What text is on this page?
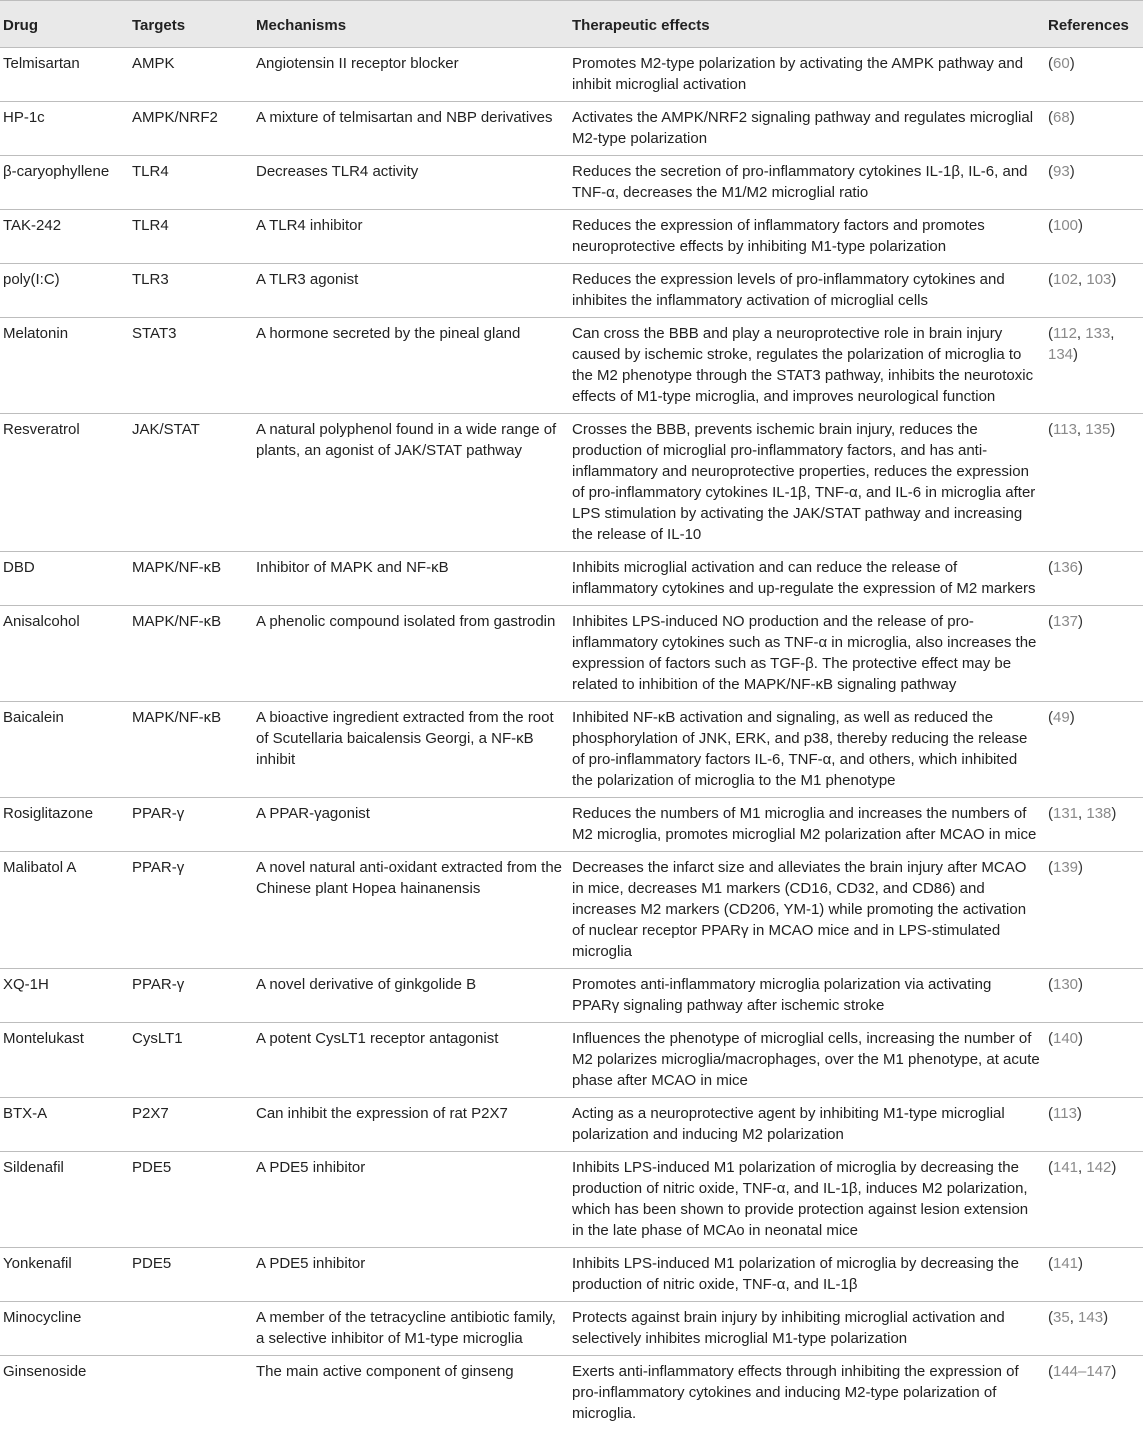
Drug	Targets	Mechanisms	Therapeutic effects	References
Telmisartan	AMPK	Angiotensin II receptor blocker	Promotes M2-type polarization by activating the AMPK pathway and inhibit microglial activation	(60)
HP-1c	AMPK/NRF2	A mixture of telmisartan and NBP derivatives	Activates the AMPK/NRF2 signaling pathway and regulates microglial M2-type polarization	(68)
β-caryophyllene	TLR4	Decreases TLR4 activity	Reduces the secretion of pro-inflammatory cytokines IL-1β, IL-6, and TNF-α, decreases the M1/M2 microglial ratio	(93)
TAK-242	TLR4	A TLR4 inhibitor	Reduces the expression of inflammatory factors and promotes neuroprotective effects by inhibiting M1-type polarization	(100)
poly(I:C)	TLR3	A TLR3 agonist	Reduces the expression levels of pro-inflammatory cytokines and inhibites the inflammatory activation of microglial cells	(102, 103)
Melatonin	STAT3	A hormone secreted by the pineal gland	Can cross the BBB and play a neuroprotective role in brain injury caused by ischemic stroke, regulates the polarization of microglia to the M2 phenotype through the STAT3 pathway, inhibits the neurotoxic effects of M1-type microglia, and improves neurological function	(112, 133, 134)
Resveratrol	JAK/STAT	A natural polyphenol found in a wide range of plants, an agonist of JAK/STAT pathway	Crosses the BBB, prevents ischemic brain injury, reduces the production of microglial pro-inflammatory factors, and has anti-inflammatory and neuroprotective properties, reduces the expression of pro-inflammatory cytokines IL-1β, TNF-α, and IL-6 in microglia after LPS stimulation by activating the JAK/STAT pathway and increasing the release of IL-10	(113, 135)
DBD	MAPK/NF-κB	Inhibitor of MAPK and NF-κB	Inhibits microglial activation and can reduce the release of inflammatory cytokines and up-regulate the expression of M2 markers	(136)
Anisalcohol	MAPK/NF-κB	A phenolic compound isolated from gastrodin	Inhibites LPS-induced NO production and the release of pro-inflammatory cytokines such as TNF-α in microglia, also increases the expression of factors such as TGF-β. The protective effect may be related to inhibition of the MAPK/NF-κB signaling pathway	(137)
Baicalein	MAPK/NF-κB	A bioactive ingredient extracted from the root of Scutellaria baicalensis Georgi, a NF-κB inhibit	Inhibited NF-κB activation and signaling, as well as reduced the phosphorylation of JNK, ERK, and p38, thereby reducing the release of pro-inflammatory factors IL-6, TNF-α, and others, which inhibited the polarization of microglia to the M1 phenotype	(49)
Rosiglitazone	PPAR-γ	A PPAR-γagonist	Reduces the numbers of M1 microglia and increases the numbers of M2 microglia, promotes microglial M2 polarization after MCAO in mice	(131, 138)
Malibatol A	PPAR-γ	A novel natural anti-oxidant extracted from the Chinese plant Hopea hainanensis	Decreases the infarct size and alleviates the brain injury after MCAO in mice, decreases M1 markers (CD16, CD32, and CD86) and increases M2 markers (CD206, YM-1) while promoting the activation of nuclear receptor PPARγ in MCAO mice and in LPS-stimulated microglia	(139)
XQ-1H	PPAR-γ	A novel derivative of ginkgolide B	Promotes anti-inflammatory microglia polarization via activating PPARγ signaling pathway after ischemic stroke	(130)
Montelukast	CysLT1	A potent CysLT1 receptor antagonist	Influences the phenotype of microglial cells, increasing the number of M2 polarizes microglia/macrophages, over the M1 phenotype, at acute phase after MCAO in mice	(140)
BTX-A	P2X7	Can inhibit the expression of rat P2X7	Acting as a neuroprotective agent by inhibiting M1-type microglial polarization and inducing M2 polarization	(113)
Sildenafil	PDE5	A PDE5 inhibitor	Inhibits LPS-induced M1 polarization of microglia by decreasing the production of nitric oxide, TNF-α, and IL-1β, induces M2 polarization, which has been shown to provide protection against lesion extension in the late phase of MCAo in neonatal mice	(141, 142)
Yonkenafil	PDE5	A PDE5 inhibitor	Inhibits LPS-induced M1 polarization of microglia by decreasing the production of nitric oxide, TNF-α, and IL-1β	(141)
Minocycline		A member of the tetracycline antibiotic family, a selective inhibitor of M1-type microglia	Protects against brain injury by inhibiting microglial activation and selectively inhibites microglial M1-type polarization	(35, 143)
Ginsenoside		The main active component of ginseng	Exerts anti-inflammatory effects through inhibiting the expression of pro-inflammatory cytokines and inducing M2-type polarization of microglia.	(144–147)
